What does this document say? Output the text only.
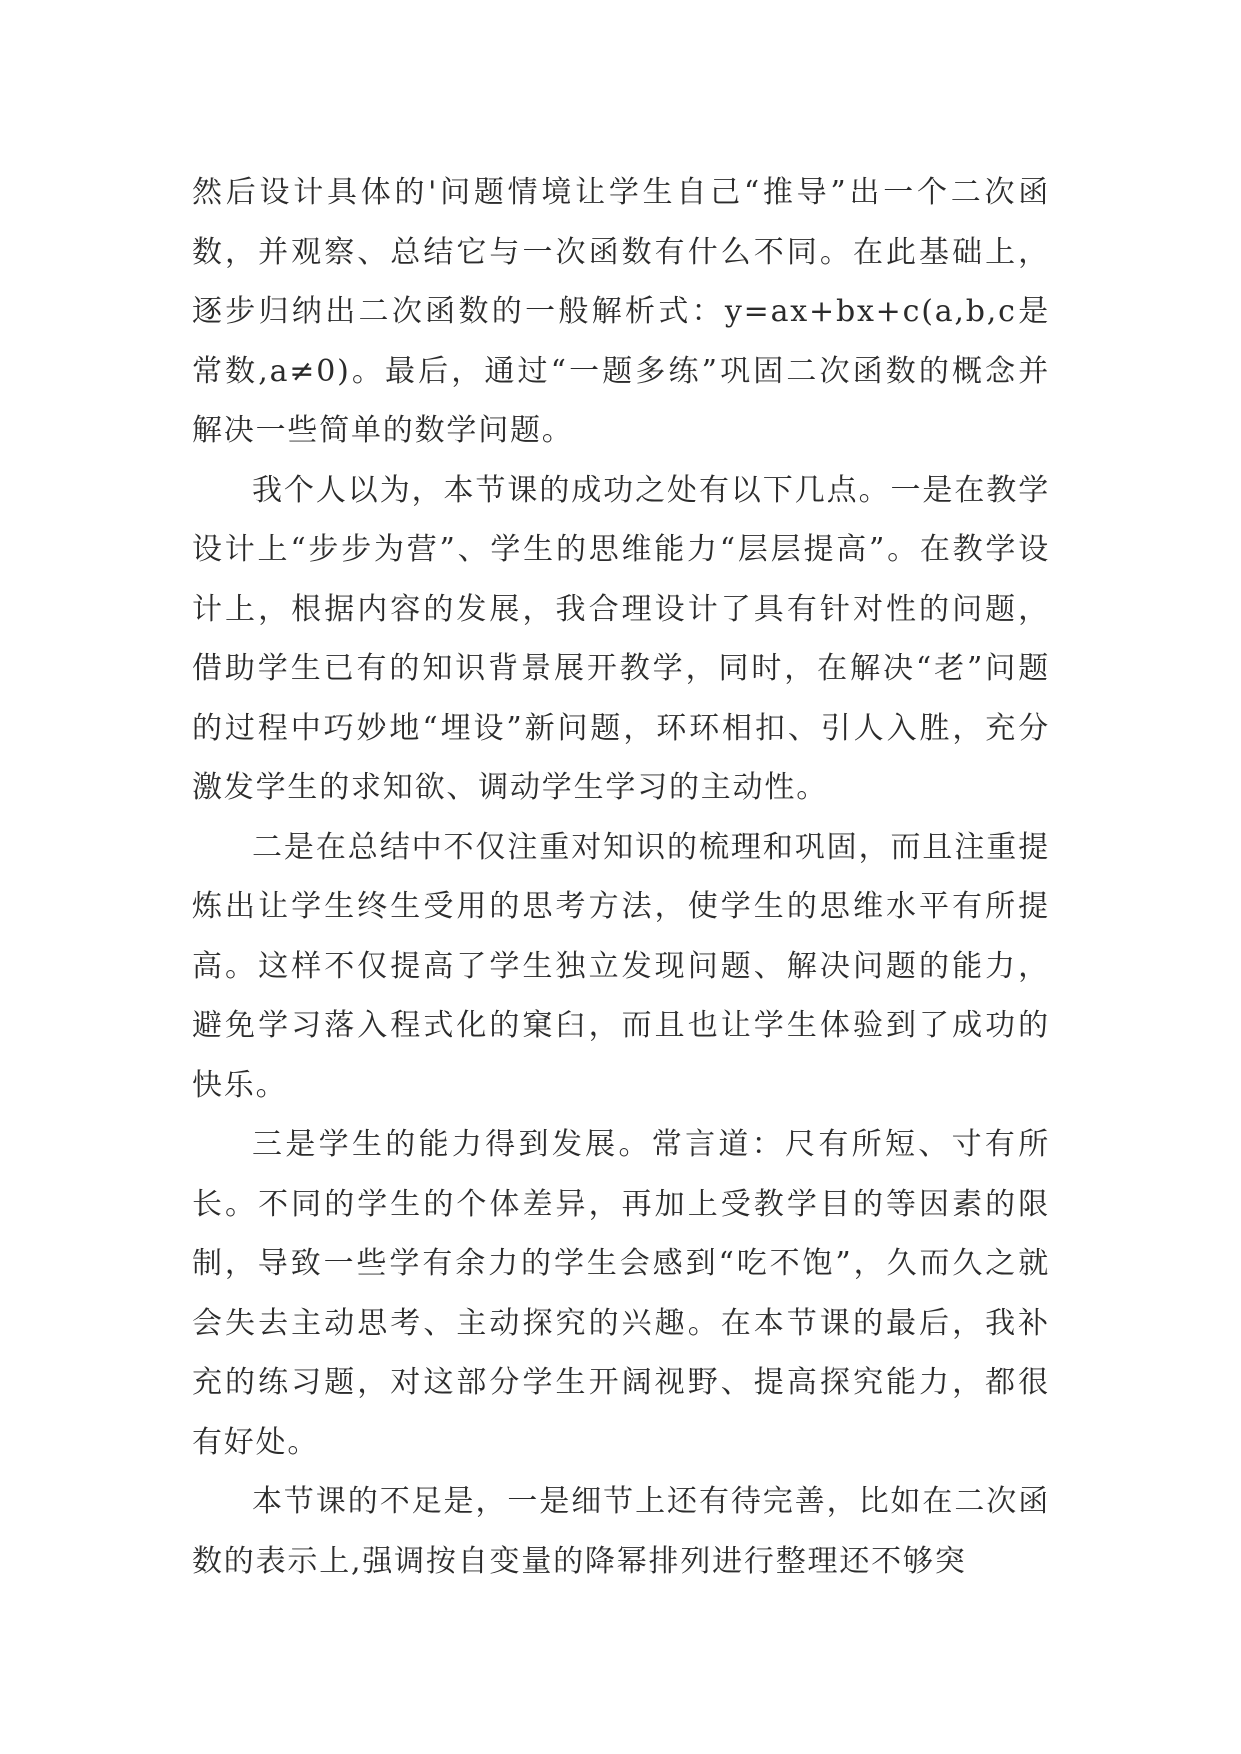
然后设计具体的'问题情境让学生自己“推导”出一个二次函数，并观察、总结它与一次函数有什么不同。在此基础上，逐步归纳出二次函数的一般解析式：y=ax+bx+c(a,b,c是常数,a≠0)。最后，通过“一题多练”巩固二次函数的概念并解决一些简单的数学问题。

我个人以为，本节课的成功之处有以下几点。一是在教学设计上“步步为营”、学生的思维能力“层层提高”。在教学设计上，根据内容的发展，我合理设计了具有针对性的问题，借助学生已有的知识背景展开教学，同时，在解决“老”问题的过程中巧妙地“埋设”新问题，环环相扣、引人入胜，充分激发学生的求知欲、调动学生学习的主动性。

二是在总结中不仅注重对知识的梳理和巩固，而且注重提炼出让学生终生受用的思考方法，使学生的思维水平有所提高。这样不仅提高了学生独立发现问题、解决问题的能力，避免学习落入程式化的窠臼，而且也让学生体验到了成功的快乐。

三是学生的能力得到发展。常言道：尺有所短、寸有所长。不同的学生的个体差异，再加上受教学目的等因素的限制，导致一些学有余力的学生会感到“吃不饱”，久而久之就会失去主动思考、主动探究的兴趣。在本节课的最后，我补充的练习题，对这部分学生开阔视野、提高探究能力，都很有好处。

本节课的不足是，一是细节上还有待完善，比如在二次函数的表示上,强调按自变量的降幂排列进行整理还不够突
